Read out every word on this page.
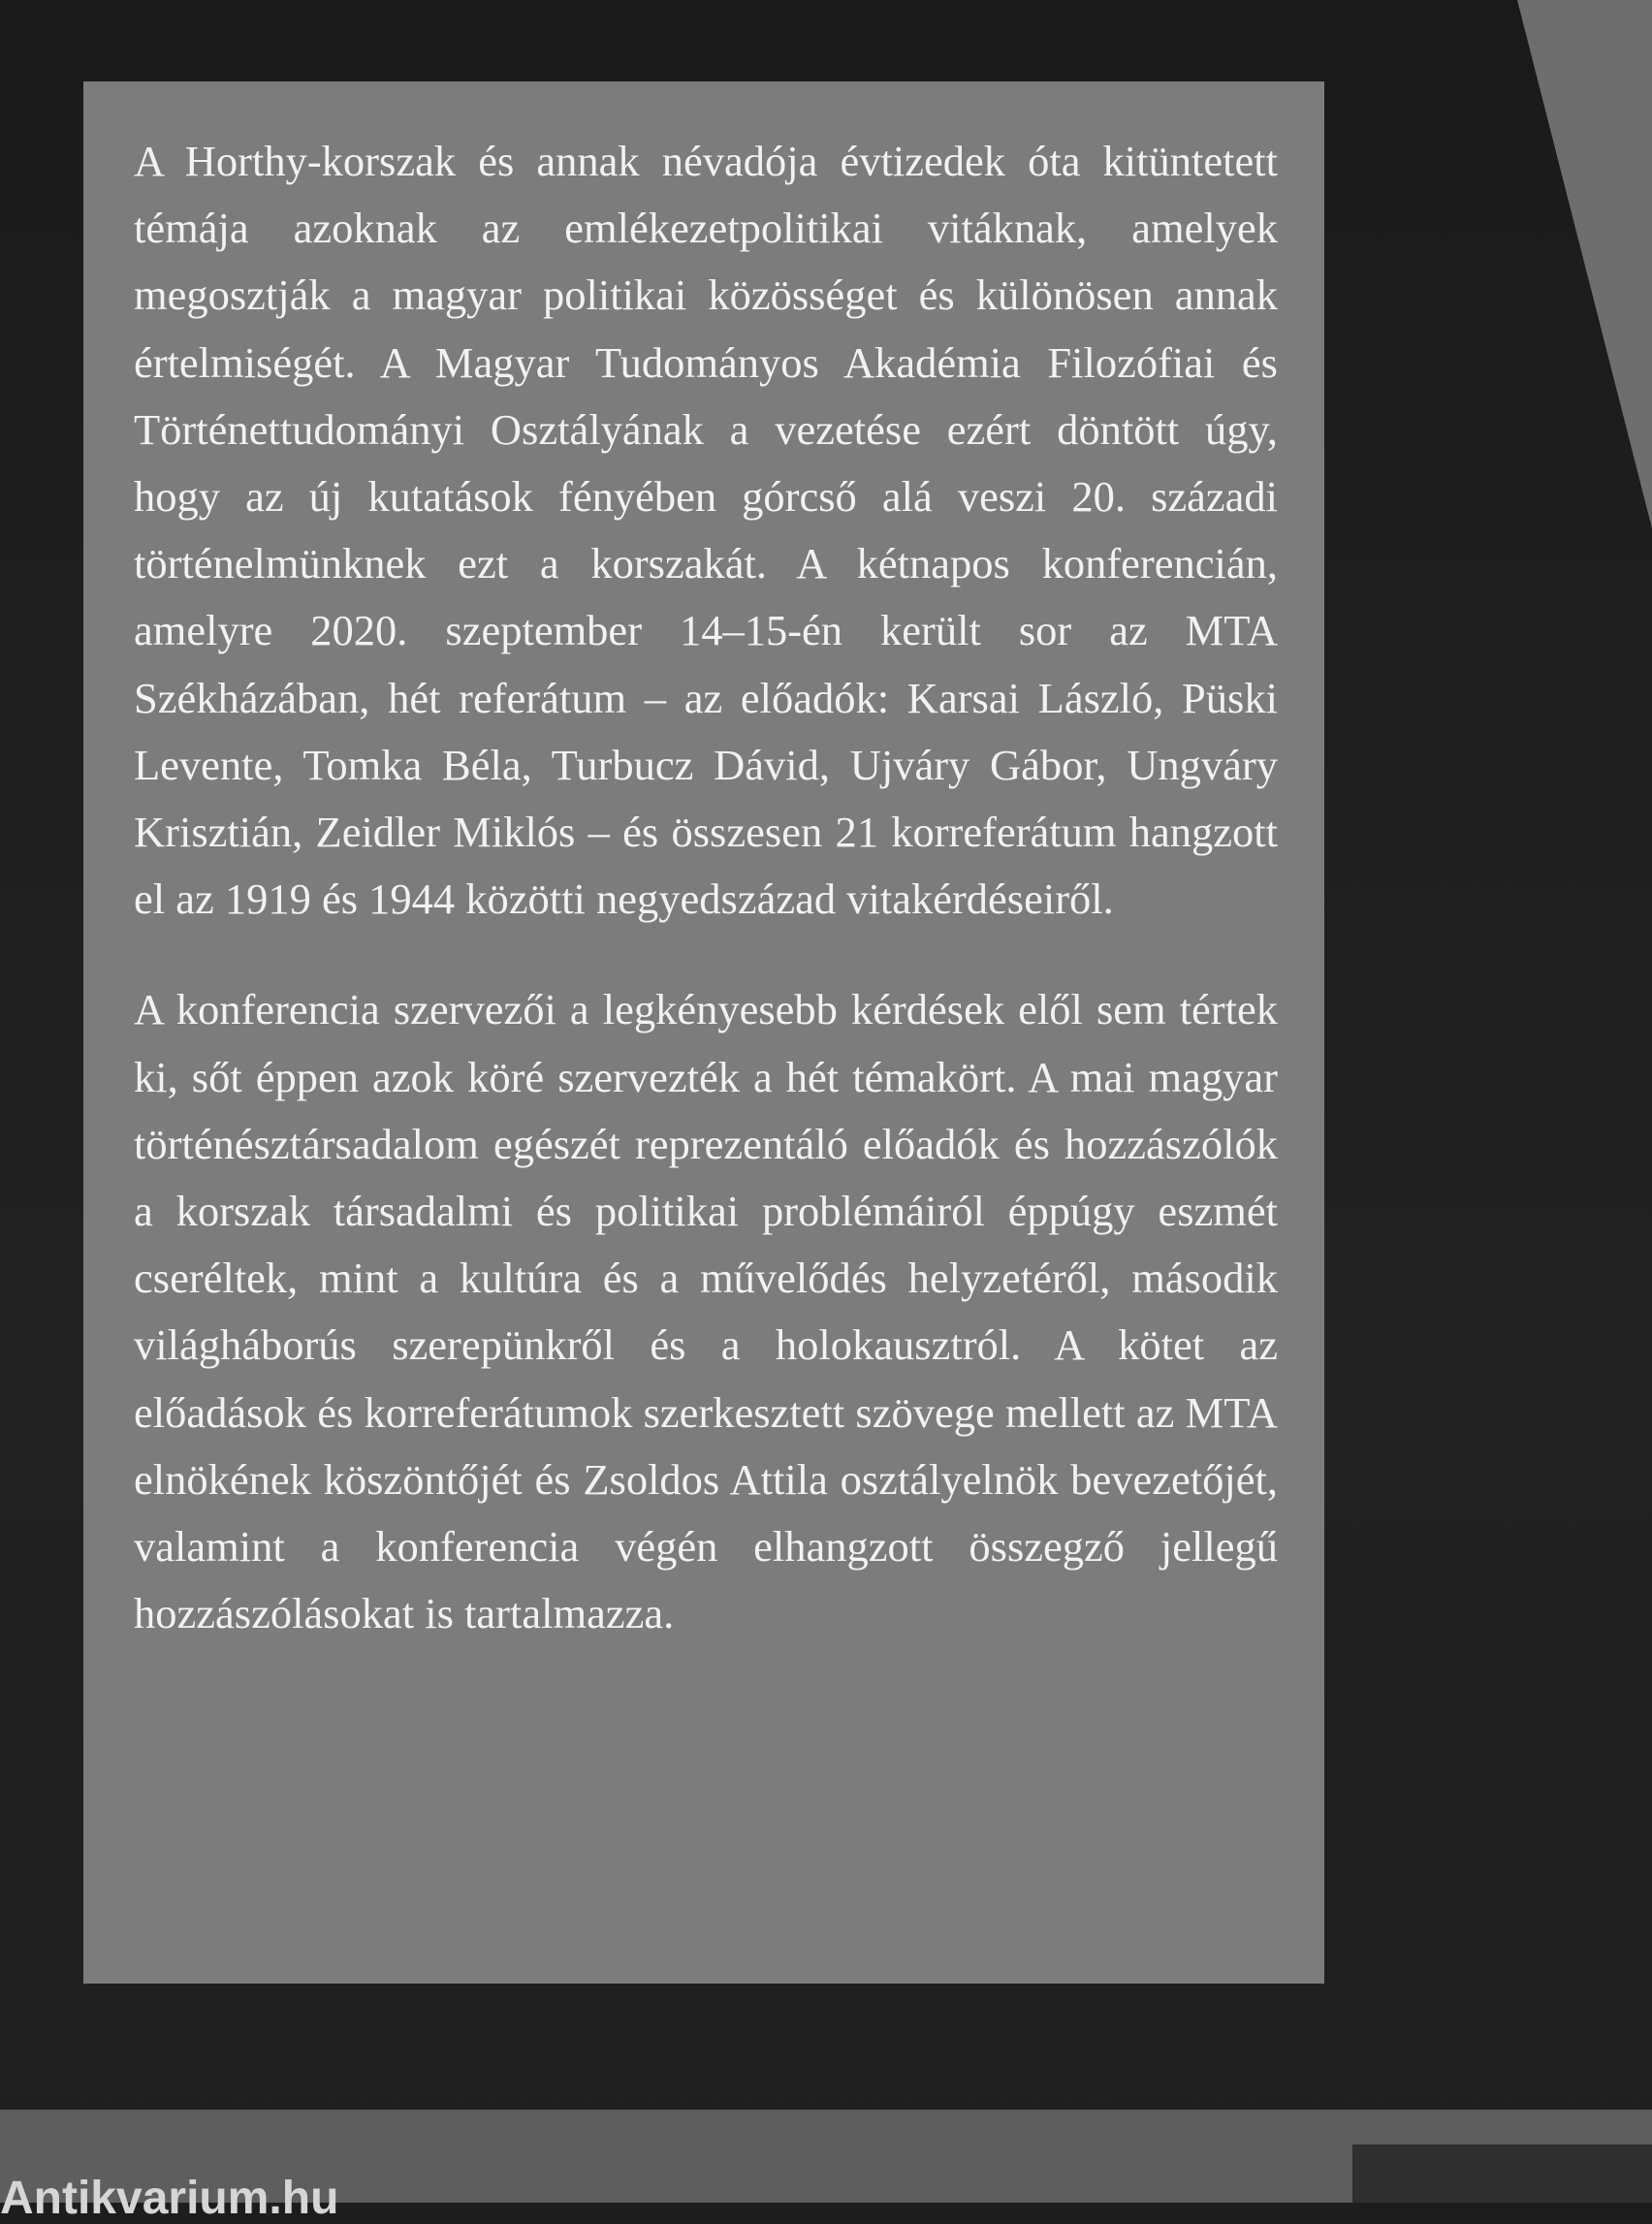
Antikvarium.hu

A Horthy-korszak és annak névadója évtizedek óta kitüntetett témája azoknak az emlékezetpolitikai vitáknak, amelyek megosztják a magyar politikai közösséget és különösen annak értelmiségét. A Magyar Tudományos Akadémia Filozófiai és Történettudományi Osztályának a vezetése ezért döntött úgy, hogy az új kutatások fényében górcső alá veszi 20. századi történelmünknek ezt a korszakát. A kétnapos konferencián, amelyre 2020. szeptember 14–15-én került sor az MTA Székházában, hét referátum – az előadók: Karsai László, Püski Levente, Tomka Béla, Turbucz Dávid, Ujváry Gábor, Ungváry Krisztián, Zeidler Miklós – és összesen 21 korreferátum hangzott el az 1919 és 1944 közötti negyedszázad vitakérdéseiről.

A konferencia szervezői a legkényesebb kérdések elől sem tértek ki, sőt éppen azok köré szervezték a hét témakört. A mai magyar történésztársadalom egészét reprezentáló előadók és hozzászólók a korszak társadalmi és politikai problémáiról éppúgy eszmét cseréltek, mint a kultúra és a művelődés helyzetéről, második világháborús szerepünkről és a holokausztról. A kötet az előadások és korreferátumok szerkesztett szövege mellett az MTA elnökének köszöntőjét és Zsoldos Attila osztályelnök bevezetőjét, valamint a konferencia végén elhangzott összegző jellegű hozzászólásokat is tartalmazza.
